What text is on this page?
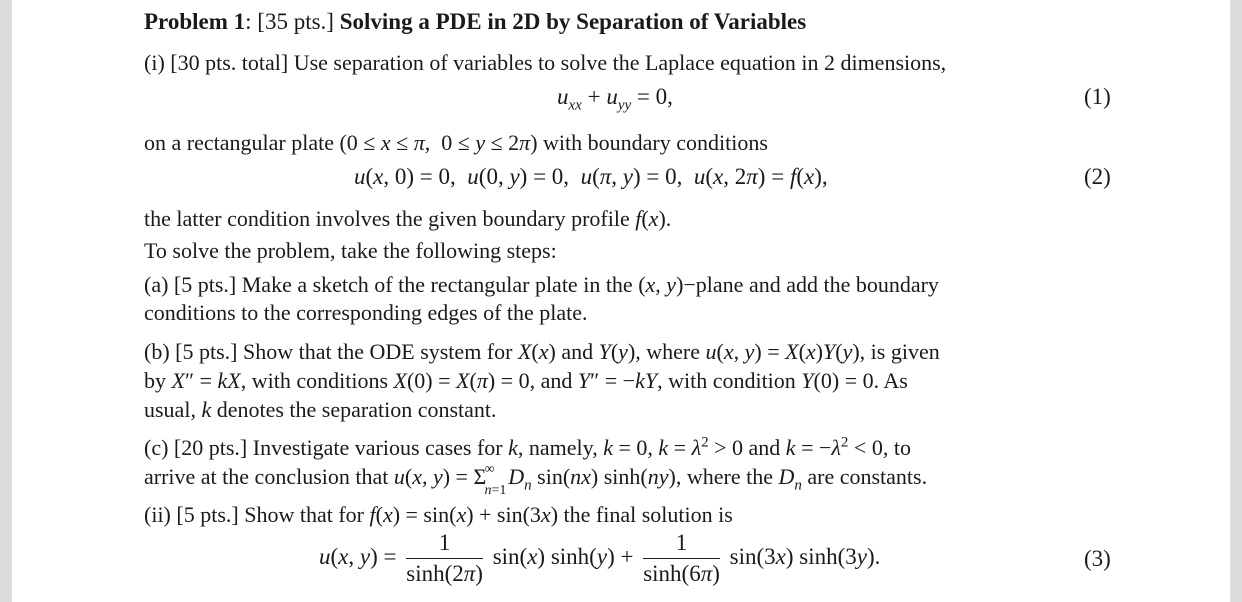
Problem 1: [35 pts.] Solving a PDE in 2D by Separation of Variables
(i) [30 pts. total] Use separation of variables to solve the Laplace equation in 2 dimensions,
$u_{xx} + u_{yy} = 0$,	(1)
on a rectangular plate (0 ≤ x ≤ π,  0 ≤ y ≤ 2π) with boundary conditions
u(x, 0) = 0,  u(0, y) = 0,  u(π, y) = 0,  u(x, 2π) = f(x),	(2)
the latter condition involves the given boundary profile f(x).
To solve the problem, take the following steps:
(a) [5 pts.] Make a sketch of the rectangular plate in the (x, y)−plane and add the boundary
conditions to the corresponding edges of the plate.
(b) [5 pts.] Show that the ODE system for X(x) and Y(y), where u(x, y) = X(x)Y(y), is given
by X″ = kX, with conditions X(0) = X(π) = 0, and Y″ = −kY, with condition Y(0) = 0. As
usual, k denotes the separation constant.
(c) [20 pts.] Investigate various cases for k, namely, k = 0, $k = \lambda^2 > 0$ and $k = -\lambda^2 < 0$, to
arrive at the conclusion that u(x, y) = Σ
∞
n=1
$D_n$ sin(nx) sinh(ny), where the $D_n$ are constants.
(ii) [5 pts.] Show that for f(x) = sin(x) + sin(3x) the final solution is
u(x, $y) = \frac{1}{\sinh(2\pi)} \sin(x) \sinh(y) + \frac{1}{\sinh(6\pi)} \sin(3x)$ sinh(3y).	(3)
